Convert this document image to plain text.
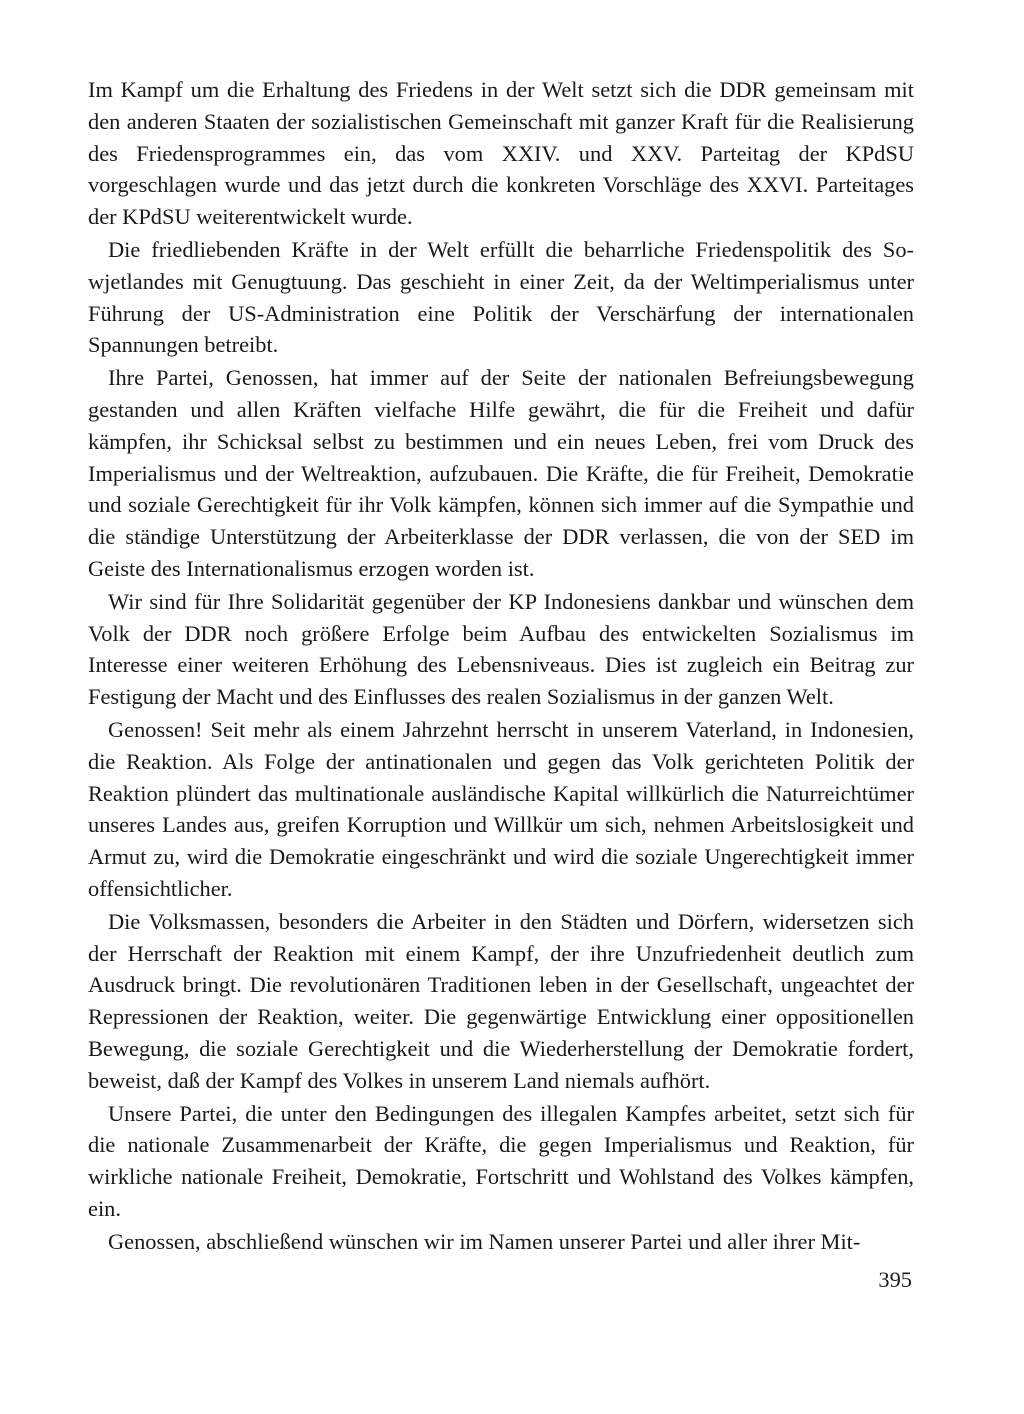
Im Kampf um die Erhaltung des Friedens in der Welt setzt sich die DDR gemeinsam mit den anderen Staaten der sozialistischen Gemeinschaft mit ganzer Kraft für die Realisierung des Friedensprogrammes ein, das vom XXIV. und XXV. Parteitag der KPdSU vorgeschlagen wurde und das jetzt durch die konkreten Vorschläge des XXVI. Parteitages der KPdSU weiterentwickelt wurde.

Die friedliebenden Kräfte in der Welt erfüllt die beharrliche Friedenspolitik des Sowjetlandes mit Genugtuung. Das geschieht in einer Zeit, da der Weltimperialismus unter Führung der US-Administration eine Politik der Verschärfung der internationalen Spannungen betreibt.

Ihre Partei, Genossen, hat immer auf der Seite der nationalen Befreiungsbewegung gestanden und allen Kräften vielfache Hilfe gewährt, die für die Freiheit und dafür kämpfen, ihr Schicksal selbst zu bestimmen und ein neues Leben, frei vom Druck des Imperialismus und der Weltreaktion, aufzubauen. Die Kräfte, die für Freiheit, Demokratie und soziale Gerechtigkeit für ihr Volk kämpfen, können sich immer auf die Sympathie und die ständige Unterstützung der Arbeiterklasse der DDR verlassen, die von der SED im Geiste des Internationalismus erzogen worden ist.

Wir sind für Ihre Solidarität gegenüber der KP Indonesiens dankbar und wünschen dem Volk der DDR noch größere Erfolge beim Aufbau des entwickelten Sozialismus im Interesse einer weiteren Erhöhung des Lebensniveaus. Dies ist zugleich ein Beitrag zur Festigung der Macht und des Einflusses des realen Sozialismus in der ganzen Welt.

Genossen! Seit mehr als einem Jahrzehnt herrscht in unserem Vaterland, in Indonesien, die Reaktion. Als Folge der antinationalen und gegen das Volk gerichteten Politik der Reaktion plündert das multinationale ausländische Kapital willkürlich die Naturreichtümer unseres Landes aus, greifen Korruption und Willkür um sich, nehmen Arbeitslosigkeit und Armut zu, wird die Demokratie eingeschränkt und wird die soziale Ungerechtigkeit immer offensichtlicher.

Die Volksmassen, besonders die Arbeiter in den Städten und Dörfern, widersetzen sich der Herrschaft der Reaktion mit einem Kampf, der ihre Unzufriedenheit deutlich zum Ausdruck bringt. Die revolutionären Traditionen leben in der Gesellschaft, ungeachtet der Repressionen der Reaktion, weiter. Die gegenwärtige Entwicklung einer oppositionellen Bewegung, die soziale Gerechtigkeit und die Wiederherstellung der Demokratie fordert, beweist, daß der Kampf des Volkes in unserem Land niemals aufhört.

Unsere Partei, die unter den Bedingungen des illegalen Kampfes arbeitet, setzt sich für die nationale Zusammenarbeit der Kräfte, die gegen Imperialismus und Reaktion, für wirkliche nationale Freiheit, Demokratie, Fortschritt und Wohlstand des Volkes kämpfen, ein.

Genossen, abschließend wünschen wir im Namen unserer Partei und aller ihrer Mit-

395
